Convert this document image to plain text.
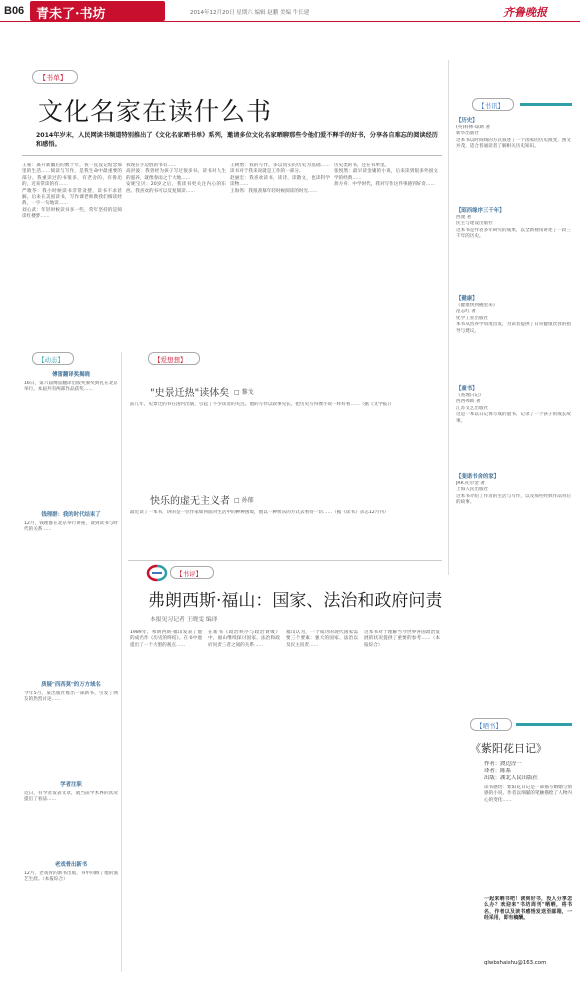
B06 青未了·书坊	2014年12月20日 星期六 编辑 赵鹏 美编 牛长建	齐鲁晚报
【书单】
文化名家在读什么书
2014年岁末，人民网读书频道特别推出了《文化名家晒书单》系列，邀请多位文化名家晒聊那些令他们爱不释手的好书，分享各自难忘的阅读经历和感悟。
王蒙：离开新疆后的数十年，我一直没记惦念那里的生活……阅读与写作，是我生命中最重要的部分。我重读过的书很多，有老舍的、有鲁迅的，近来常读的有……
严歌苓：我小时候读书非常贪婪，读书不求甚解。后来在美国读书，写作课老师教我们细读经典，一字一句地读……
刘心武：年轻时候读书多一些，常年坚持的是阅读红楼梦……
我现在手边放的书有……
高洪波：我曾经为孩子写过很多书。读书对人生的滋养，就像春雨之于大地……
安妮宝贝：20岁之后，我读书更关注内心的东西。我喜欢的书可以反复阅读……
王树增：我的写作，多以真实的历史为基础……读书对于我来说就是工作的一部分。
赵丽宏：我喜欢读书，读诗，读散文，也读科学读物……
王海鸰：我很羡慕年轻时候阅读的时光……
历史类的书，还在书单里。
张悦然：最早读金庸的小说，后来读到很多外国文学的经典……
蒋方舟：中学时代，我对写作这件事感到好奇……
【书讯】
【历史】
(英)科林·琼斯 著
新华出版社
这本书以时间线的方式叙述了一个国家的历史演变，图文并茂，适合普通读者了解相关历史知识。
【昭西缘序三千年】
西渡 著
民主与建设出版社
这本书是作者多年研究的成果，以全新视角讲述了一段三千年的历史。
【健康】
《健康快到碗里来》
范志红 著
化学工业出版社
本书从营养学角度出发，为读者提供了日常健康饮食的指导与建议。
【童书】
《查理日记》
西西弗斯 著
江苏文艺出版社
这是一本以日记体写成的童书，记录了一个孩子的成长故事。
【斐诺书舍的家】
JRR.托尔金 著
上海人民出版社
这本书介绍了作者的生活与写作，以及那些经典作品背后的故事。
【动态】
傅雷翻译奖揭晓
16日，第六届傅雷翻译出版奖颁奖典礼在北京举行。本届共有两部作品获奖……
钱理群：我的时代结束了
12月，钱理群在北京举行讲座，谈到读书与时代的关系……
质疑"西西莫"的万方域名
今年5月，某出版社推出一部新书，引发了网友的热烈讨论……
学者注职
近日，有学者发表文章，就当前学术界的状况提出了看法……
老戏骨出新书
12月，老戏骨的新书出版，书中回顾了他的演艺生涯。（本报综合）
【爱想想】
"史景迁热"读体矣 □ 黎戈
前几年，史景迁的书在国内出版，引起了不少读者的关注。他的写作以叙事见长，把历史写得像小说一样好看……（据《文学报》）
快乐的虚无主义者 □ 孙郁
最近读了一本书，讲的是一位作家如何面对生活中的种种困境，他以一种快乐的方式去看待一切……（据《读书》杂志12月刊）
【书评】
弗朗西斯·福山：国家、法治和政府问责
本报见习记者 王晓雯 编译
1989年，弗朗西斯·福山发表了他的成名作《历史的终结》。在书中他提出了一个大胆的观点……
在新书《政治秩序与政治衰败》中，福山继续探讨国家、法治和政府问责三者之间的关系……
福山认为，一个成功的现代国家需要三个要素：强大的国家、法治以及民主问责……
这本书对于理解当今世界各国政治发展的状况提供了重要的参考……（本报综合）
【晒书】
《紫阳花日记》
作者：渡边淳一
译者：陈系
出版：湖北人民出版社
读书感悟：紫阳花日记是一部描写婚姻与情感的小说，作者以细腻的笔触描绘了人物内心的变化……
一起来晒书吧！读到好书，没人分享怎么办？欢迎来"书坊周刊"晒晒，将书名，作者以及读书感悟发送至邮箱，一经采用，即有稿酬。
qlwbshaishu@163.com
